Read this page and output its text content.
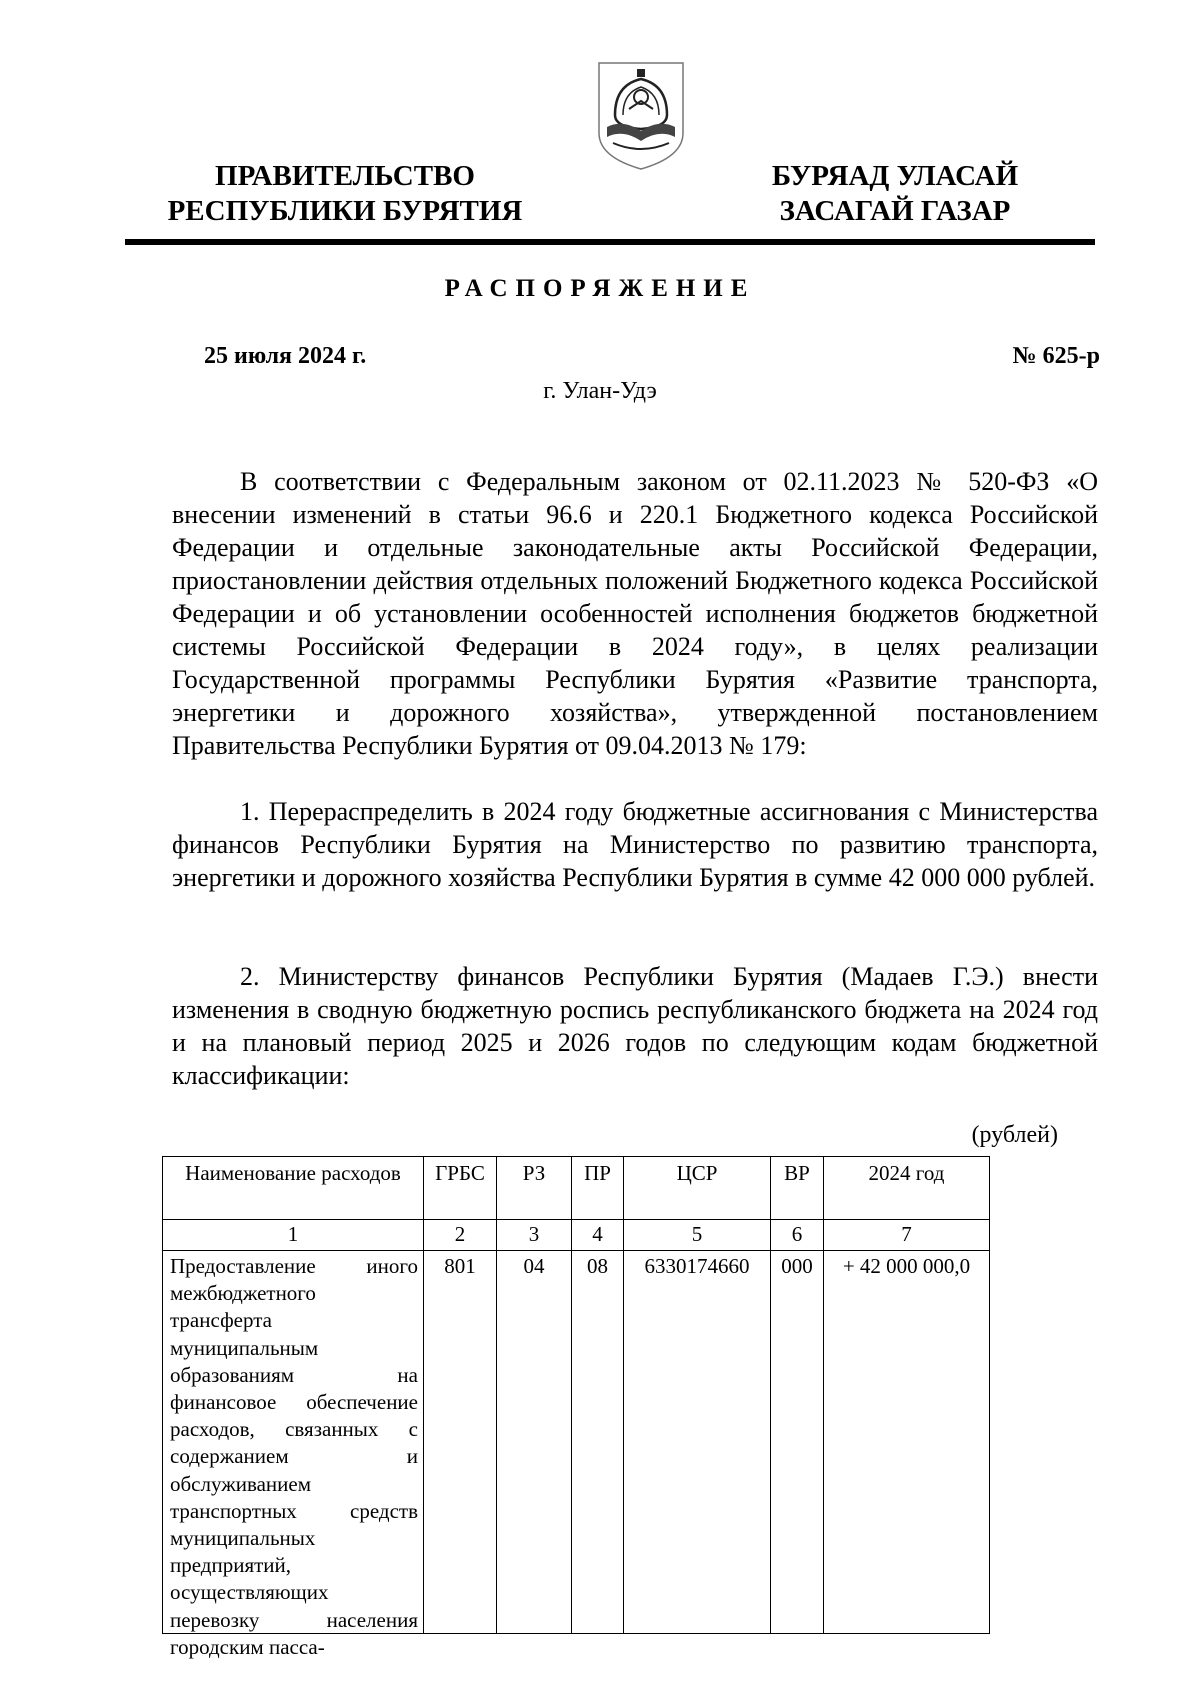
ПРАВИТЕЛЬСТВО
РЕСПУБЛИКИ БУРЯТИЯ
БУРЯАД УЛАСАЙ
ЗАСАГАЙ ГАЗАР
РАСПОРЯЖЕНИЕ
25 июля 2024 г.	№ 625-р
г. Улан-Удэ

В соответствии с Федеральным законом от 02.11.2023 № 520-ФЗ «О внесении изменений в статьи 96.6 и 220.1 Бюджетного кодекса Российской Федерации и отдельные законодательные акты Российской Федерации, приостановлении действия отдельных положений Бюджетного кодекса Российской Федерации и об установлении особенностей исполнения бюджетов бюджетной системы Российской Федерации в 2024 году», в целях реализации Государственной программы Республики Бурятия «Развитие транспорта, энергетики и дорожного хозяйства», утвержденной постановлением Правительства Республики Бурятия от 09.04.2013 № 179:

1. Перераспределить в 2024 году бюджетные ассигнования с Министерства финансов Республики Бурятия на Министерство по развитию транспорта, энергетики и дорожного хозяйства Республики Бурятия в сумме 42 000 000 рублей.

2. Министерству финансов Республики Бурятия (Мадаев Г.Э.) внести изменения в сводную бюджетную роспись республиканского бюджета на 2024 год и на плановый период 2025 и 2026 годов по следующим кодам бюджетной классификации:

(рублей)
Наименование расходов	ГРБС	РЗ	ПР	ЦСР	ВР	2024 год
1	2	3	4	5	6	7

Предоставление иного межбюджетного трансферта муниципальным образованиям на финансовое обеспечение расходов, связанных с содержанием и обслуживанием транспортных средств муниципальных предприятий, осуществляющих перевозку населения городским пасса-	801	04	08	6330174660	000	+ 42 000 000,0
